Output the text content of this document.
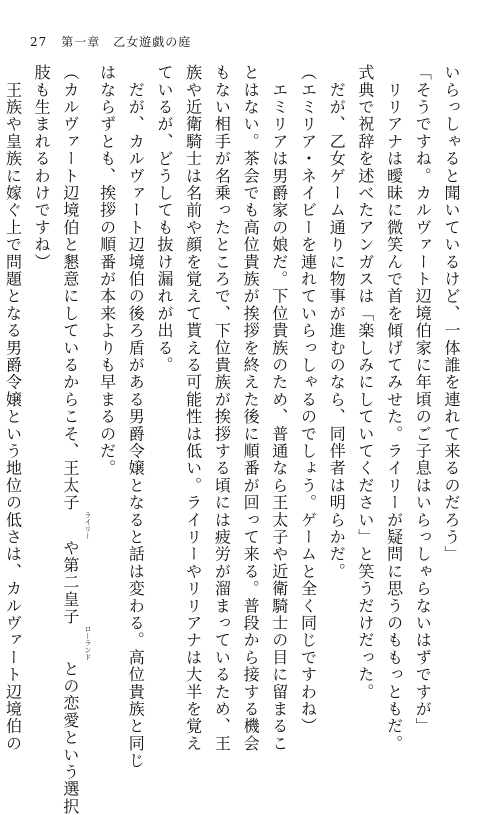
27 第一章　乙女遊戯の庭
いらっしゃると聞いているけど、一体誰を連れて来るのだろう」
「そうですね。カルヴァート辺境伯家に年頃のご子息はいらっしゃらないはずですが」
　リリアナは曖昧に微笑んで首を傾げてみせた。ライリーが疑問に思うのももっともだ。
式典で祝辞を述べたアンガスは「楽しみにしていてください」と笑うだけだった。
　だが、乙女ゲーム通りに物事が進むのなら、同伴者は明らかだ。
（エミリア・ネイビーを連れていらっしゃるのでしょう。ゲームと全く同じですわね）
　エミリアは男爵家の娘だ。下位貴族のため、普通なら王太子や近衛騎士の目に留まるこ
とはない。茶会でも高位貴族が挨拶を終えた後に順番が回って来る。普段から接する機会
もない相手が名乗ったところで、下位貴族が挨拶する頃には疲労が溜まっているため、王
族や近衛騎士は名前や顔を覚えて貰える可能性は低い。ライリーやリリアナは大半を覚え
ているが、どうしても抜け漏れが出る。
　だが、カルヴァート辺境伯の後ろ盾がある男爵令嬢となると話は変わる。高位貴族と同じ
はならずとも、挨拶の順番が本来よりも早まるのだ。
（カルヴァート辺境伯と懇意にしているからこそ、王太子ライリーや第二皇子ローランドとの恋愛という選択
肢も生まれるわけですね）
　王族や皇族に嫁ぐ上で問題となる男爵令嬢という地位の低さは、カルヴァート辺境伯の
